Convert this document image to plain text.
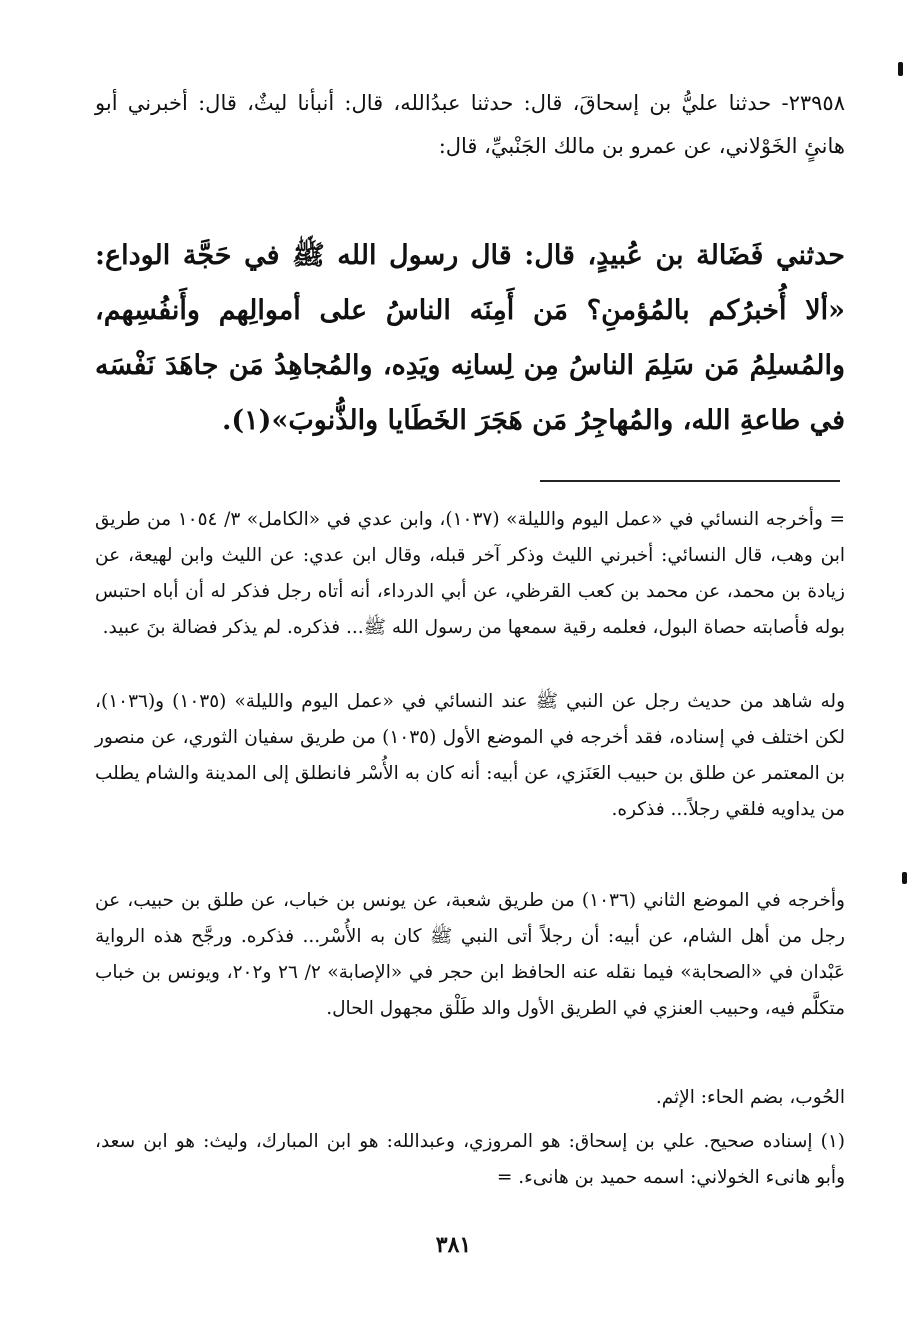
٢٣٩٥٨- حدثنا عليُّ بن إسحاقَ، قال: حدثنا عبدُالله، قال: أنبأنا ليثٌ، قال: أخبرني أبو هانئٍ الخَوْلاني، عن عمرو بن مالك الجَنْبيِّ، قال:

حدثني فَضَالة بن عُبيدٍ، قال: قال رسول الله ﷺ في حَجَّة الوداع: «ألا أُخبرُكم بالمُؤمنِ؟ مَن أَمِنَه الناسُ على أموالِهم وأَنفُسِهم، والمُسلِمُ مَن سَلِمَ الناسُ مِن لِسانِه ويَدِه، والمُجاهِدُ مَن جاهَدَ نَفْسَه في طاعةِ الله، والمُهاجِرُ مَن هَجَرَ الخَطَايا والذُّنوبَ»(١).

= وأخرجه النسائي في «عمل اليوم والليلة» (١٠٣٧)، وابن عدي في «الكامل» ٣/ ١٠٥٤ من طريق ابن وهب، قال النسائي: أخبرني الليث وذكر آخر قبله، وقال ابن عدي: عن الليث وابن لهيعة، عن زيادة بن محمد، عن محمد بن كعب القرظي، عن أبي الدرداء، أنه أتاه رجل فذكر له أن أباه احتبس بوله فأصابته حصاة البول، فعلمه رقية سمعها من رسول الله ﷺ... فذكره. لم يذكر فضالة بنَ عبيد.

وله شاهد من حديث رجل عن النبي ﷺ عند النسائي في «عمل اليوم والليلة» (١٠٣٥) و(١٠٣٦)، لكن اختلف في إسناده، فقد أخرجه في الموضع الأول (١٠٣٥) من طريق سفيان الثوري، عن منصور بن المعتمر عن طلق بن حبيب العَنَزي، عن أبيه: أنه كان به الأُسْر فانطلق إلى المدينة والشام يطلب من يداويه فلقي رجلاً... فذكره.

وأخرجه في الموضع الثاني (١٠٣٦) من طريق شعبة، عن يونس بن خباب، عن طلق بن حبيب، عن رجل من أهل الشام، عن أبيه: أن رجلاً أتى النبي ﷺ كان به الأُسْر... فذكره. ورجَّح هذه الرواية عَبْدان في «الصحابة» فيما نقله عنه الحافظ ابن حجر في «الإصابة» ٢/ ٢٦ و٢٠٢، ويونس بن خباب متكلَّم فيه، وحبيب العنزي في الطريق الأول والد طَلْق مجهول الحال.

الحُوب، بضم الحاء: الإثم.

(١) إسناده صحيح. علي بن إسحاق: هو المروزي، وعبدالله: هو ابن المبارك، وليث: هو ابن سعد، وأبو هانىء الخولاني: اسمه حميد بن هانىء. =

٣٨١
